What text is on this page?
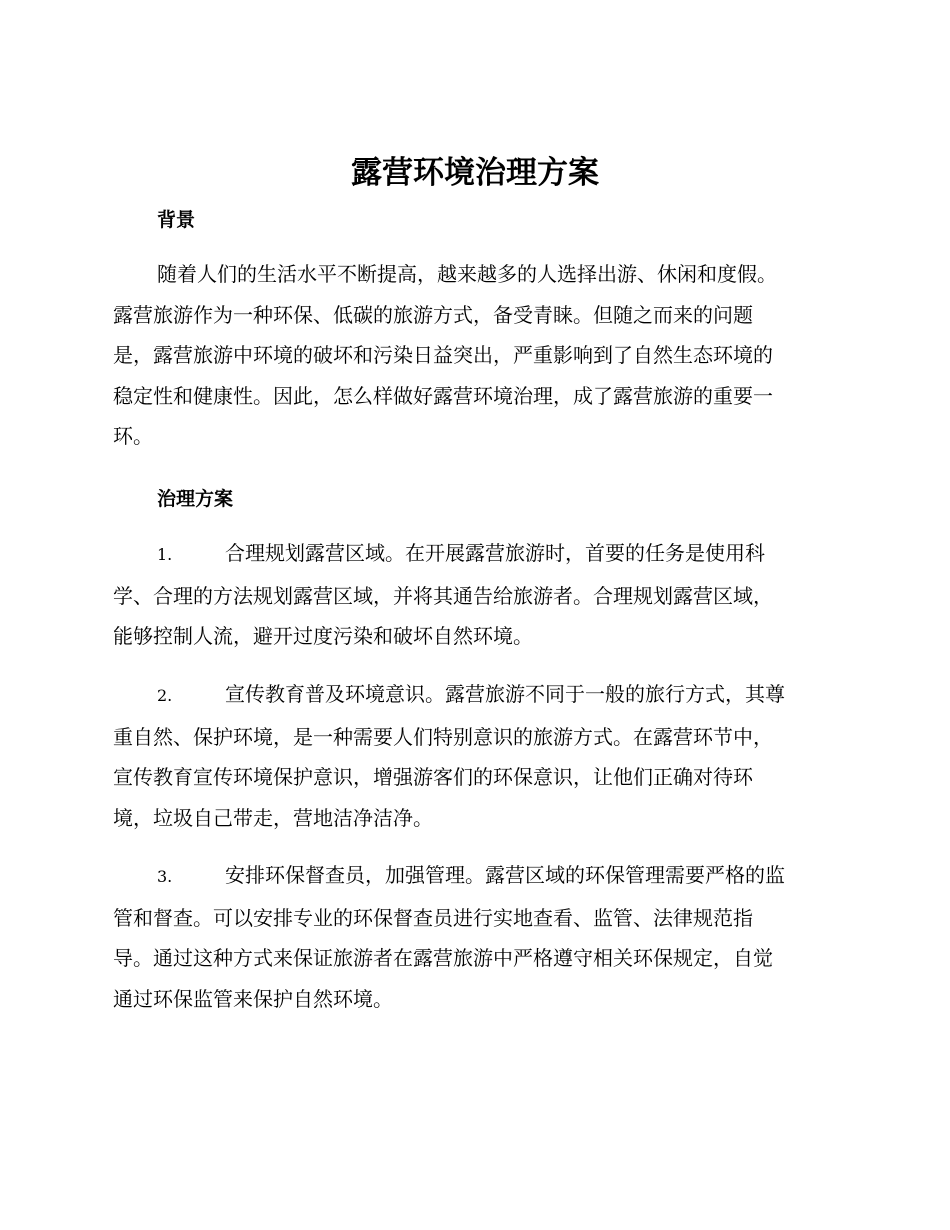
露营环境治理方案
背景
随着人们的生活水平不断提高，越来越多的人选择出游、休闲和度假。
露营旅游作为一种环保、低碳的旅游方式，备受青睐。但随之而来的问题
是，露营旅游中环境的破坏和污染日益突出，严重影响到了自然生态环境的
稳定性和健康性。因此，怎么样做好露营环境治理，成了露营旅游的重要一
环。
治理方案
1.	合理规划露营区域。在开展露营旅游时，首要的任务是使用科
学、合理的方法规划露营区域，并将其通告给旅游者。合理规划露营区域，
能够控制人流，避开过度污染和破坏自然环境。
2.	宣传教育普及环境意识。露营旅游不同于一般的旅行方式，其尊
重自然、保护环境，是一种需要人们特别意识的旅游方式。在露营环节中，
宣传教育宣传环境保护意识，增强游客们的环保意识，让他们正确对待环
境，垃圾自己带走，营地洁净洁净。
3.	安排环保督查员，加强管理。露营区域的环保管理需要严格的监
管和督查。可以安排专业的环保督查员进行实地查看、监管、法律规范指
导。通过这种方式来保证旅游者在露营旅游中严格遵守相关环保规定，自觉
通过环保监管来保护自然环境。
